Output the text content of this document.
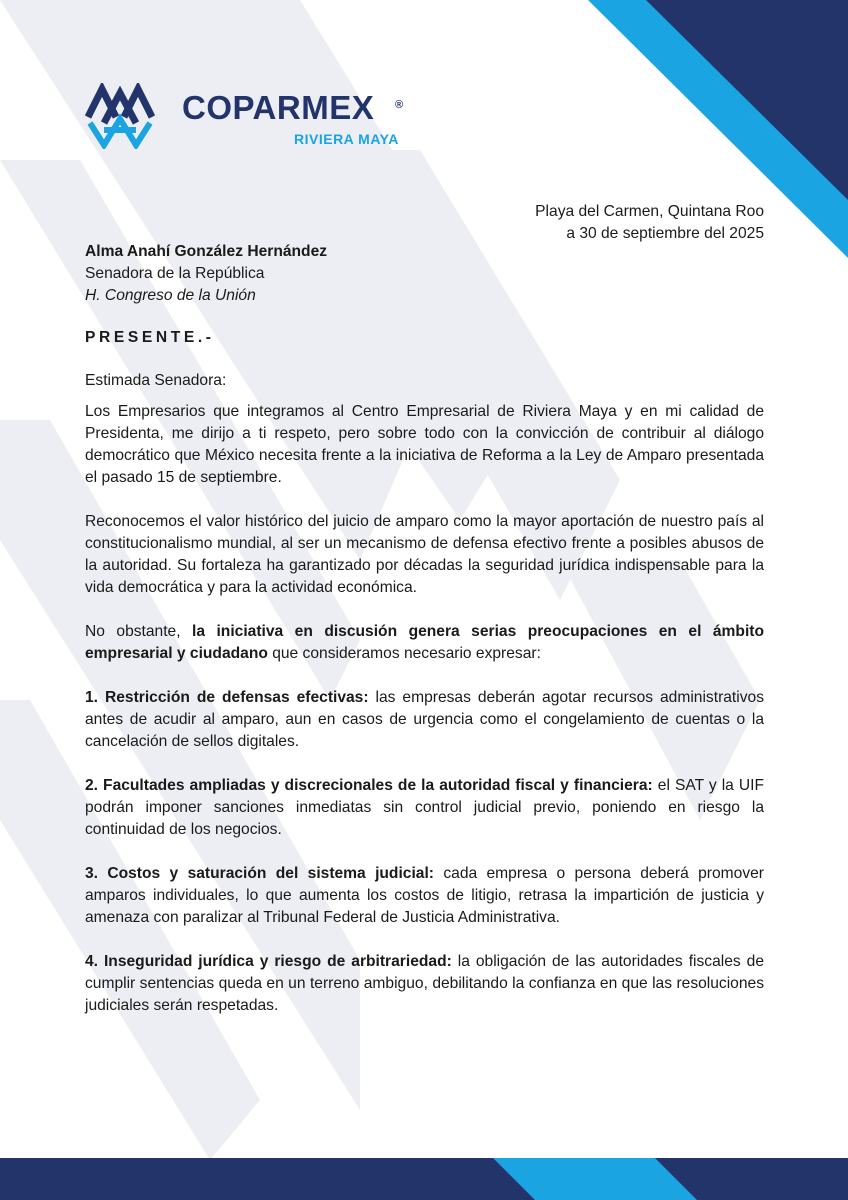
COPARMEX ®
RIVIERA MAYA
Playa del Carmen, Quintana Roo
a 30 de septiembre del 2025
Alma Anahí González Hernández
Senadora de la República
H. Congreso de la Unión
PRESENTE.-

Estimada Senadora:

Los Empresarios que integramos al Centro Empresarial de Riviera Maya y en mi calidad de Presidenta, me dirijo a ti respeto, pero sobre todo con la convicción de contribuir al diálogo democrático que México necesita frente a la iniciativa de Reforma a la Ley de Amparo presentada el pasado 15 de septiembre.

Reconocemos el valor histórico del juicio de amparo como la mayor aportación de nuestro país al constitucionalismo mundial, al ser un mecanismo de defensa efectivo frente a posibles abusos de la autoridad. Su fortaleza ha garantizado por décadas la seguridad jurídica indispensable para la vida democrática y para la actividad económica.

No obstante, la iniciativa en discusión genera serias preocupaciones en el ámbito empresarial y ciudadano que consideramos necesario expresar:

1. Restricción de defensas efectivas: las empresas deberán agotar recursos administrativos antes de acudir al amparo, aun en casos de urgencia como el congelamiento de cuentas o la cancelación de sellos digitales.

2. Facultades ampliadas y discrecionales de la autoridad fiscal y financiera: el SAT y la UIF podrán imponer sanciones inmediatas sin control judicial previo, poniendo en riesgo la continuidad de los negocios.

3. Costos y saturación del sistema judicial: cada empresa o persona deberá promover amparos individuales, lo que aumenta los costos de litigio, retrasa la impartición de justicia y amenaza con paralizar al Tribunal Federal de Justicia Administrativa.

4. Inseguridad jurídica y riesgo de arbitrariedad: la obligación de las autoridades fiscales de cumplir sentencias queda en un terreno ambiguo, debilitando la confianza en que las resoluciones judiciales serán respetadas.
